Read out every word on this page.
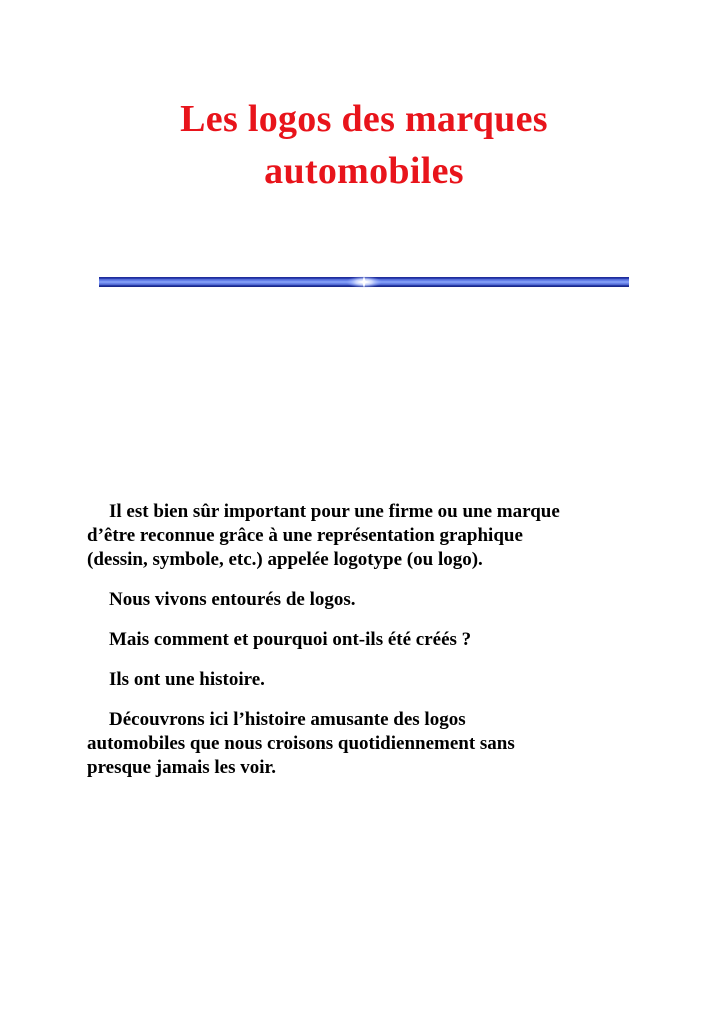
Les logos des marques
automobiles

Il est bien sûr important pour une firme ou une marque
d’être reconnue grâce à une représentation graphique
(dessin, symbole, etc.) appelée logotype (ou logo).

Nous vivons entourés de logos.

Mais comment et pourquoi ont-ils été créés ?

Ils ont une histoire.

Découvrons ici l’histoire amusante des logos
automobiles que nous croisons quotidiennement sans
presque jamais les voir.
